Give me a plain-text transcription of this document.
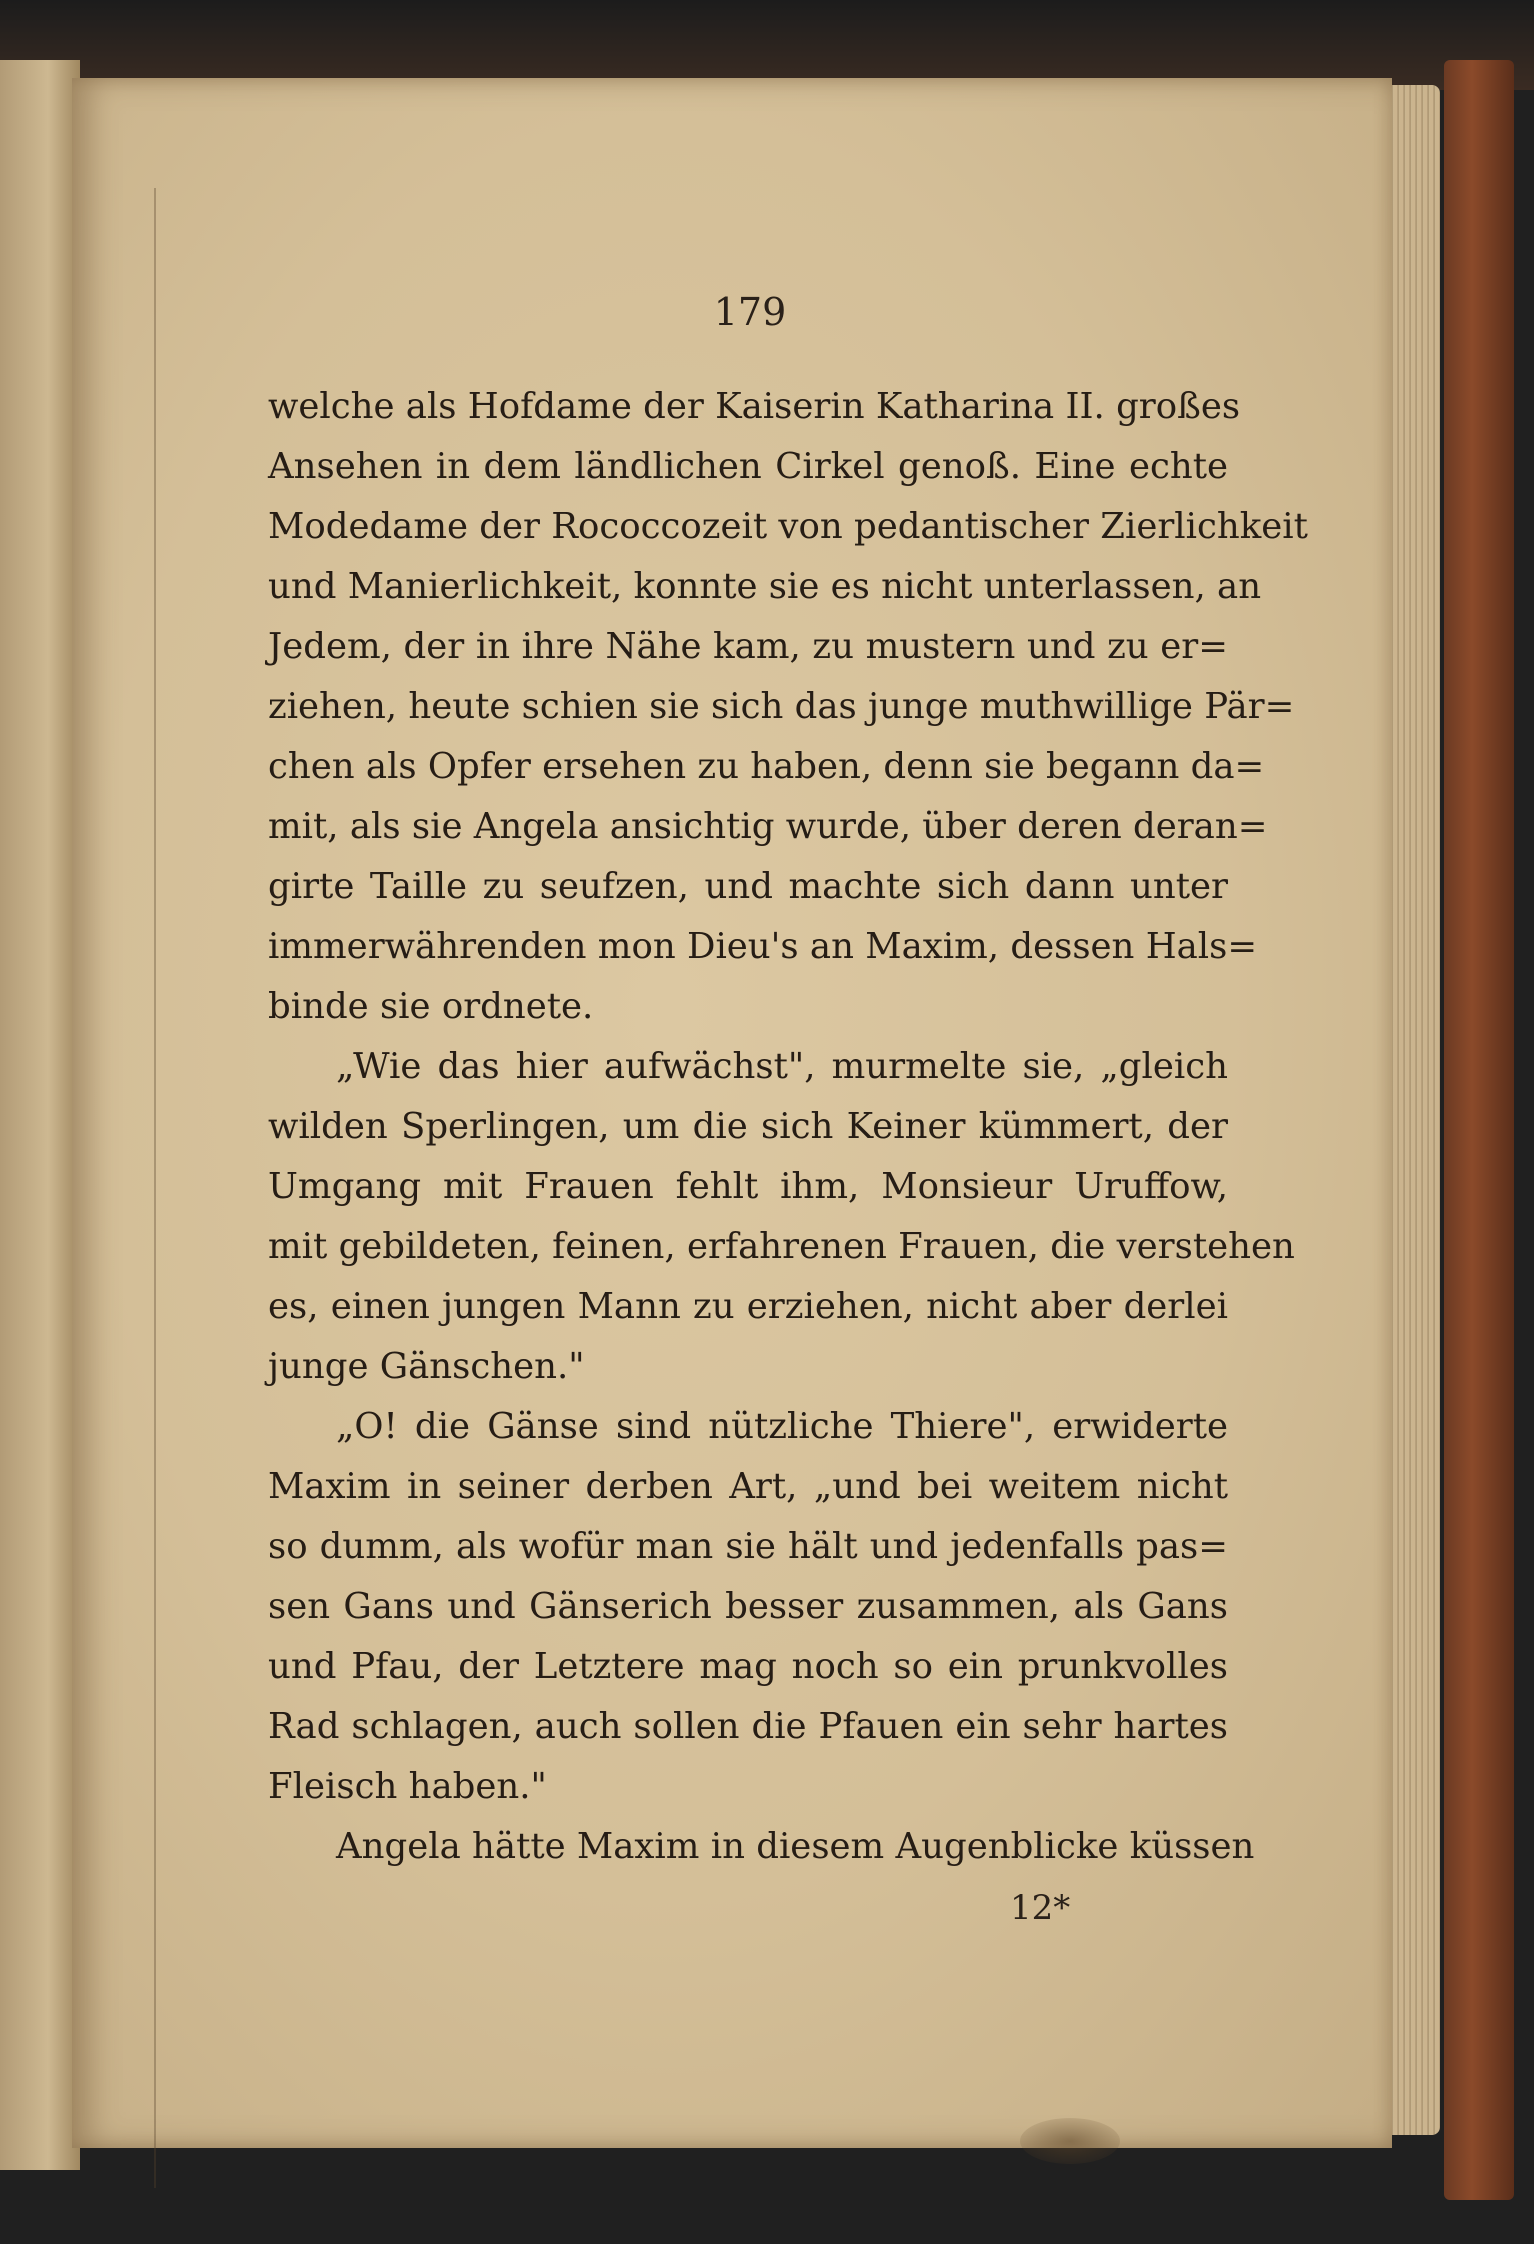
179
welche als Hofdame der Kaiserin Katharina II. großes
Ansehen in dem ländlichen Cirkel genoß. Eine echte
Modedame der Rococcozeit von pedantischer Zierlichkeit
und Manierlichkeit, konnte sie es nicht unterlassen, an
Jedem, der in ihre Nähe kam, zu mustern und zu er=
ziehen, heute schien sie sich das junge muthwillige Pär=
chen als Opfer ersehen zu haben, denn sie begann da=
mit, als sie Angela ansichtig wurde, über deren deran=
girte Taille zu seufzen, und machte sich dann unter
immerwährenden mon Dieu's an Maxim, dessen Hals=
binde sie ordnete.
„Wie das hier aufwächst", murmelte sie, „gleich
wilden Sperlingen, um die sich Keiner kümmert, der
Umgang mit Frauen fehlt ihm, Monsieur Uruffow,
mit gebildeten, feinen, erfahrenen Frauen, die verstehen
es, einen jungen Mann zu erziehen, nicht aber derlei
junge Gänschen."
„O! die Gänse sind nützliche Thiere", erwiderte
Maxim in seiner derben Art, „und bei weitem nicht
so dumm, als wofür man sie hält und jedenfalls pas=
sen Gans und Gänserich besser zusammen, als Gans
und Pfau, der Letztere mag noch so ein prunkvolles
Rad schlagen, auch sollen die Pfauen ein sehr hartes
Fleisch haben."
Angela hätte Maxim in diesem Augenblicke küssen
12*
